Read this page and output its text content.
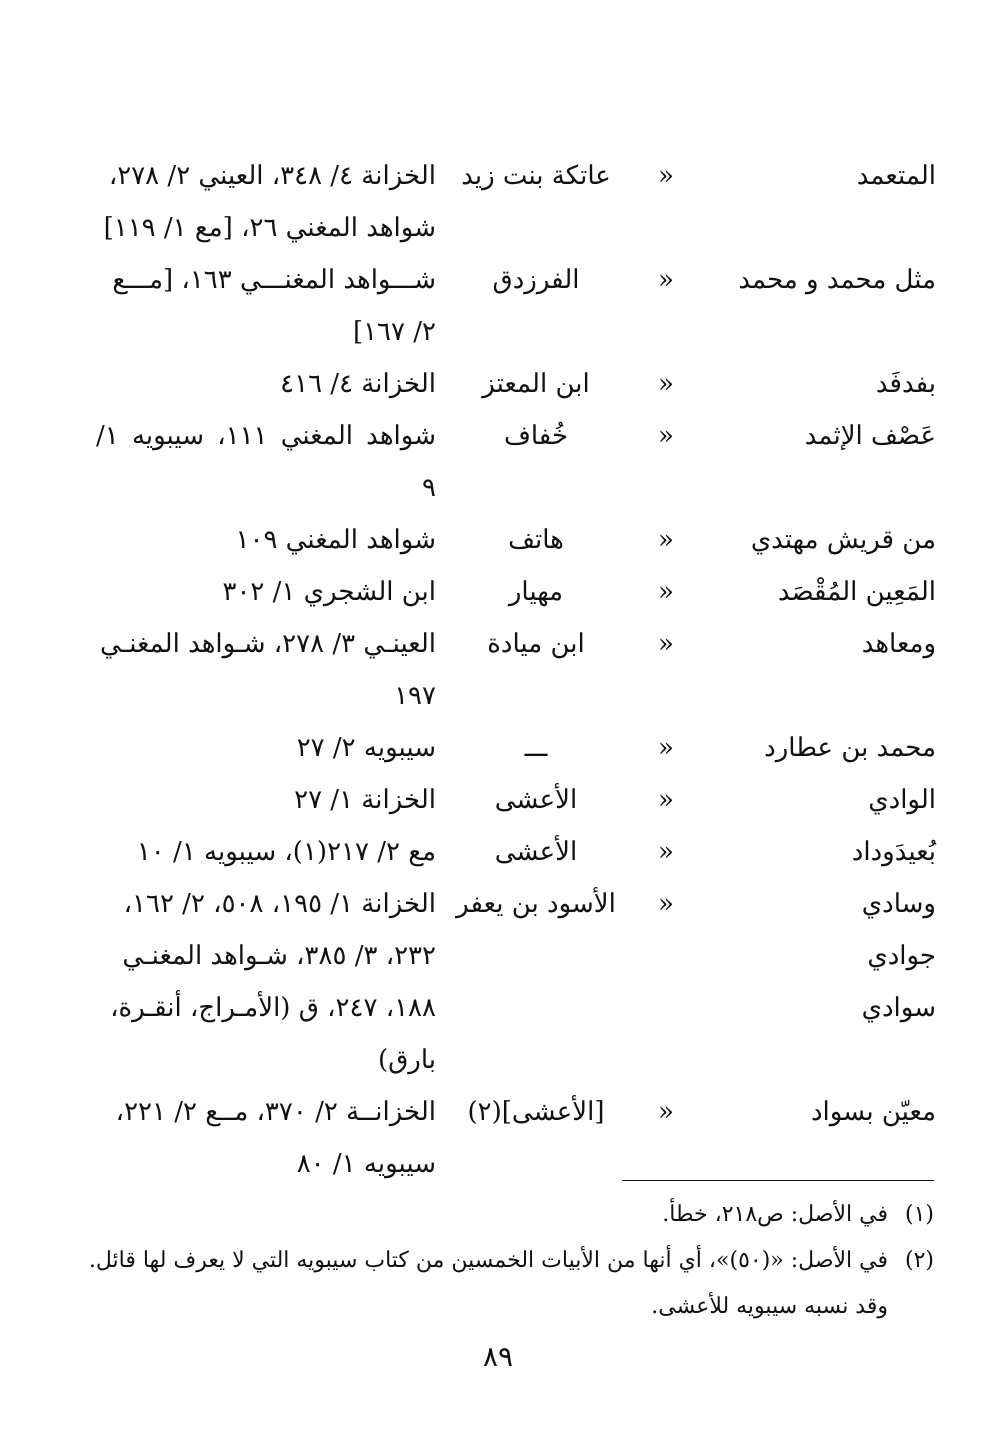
المتعمد
«
عاتكة بنت زيد
الخزانة ٤/ ٣٤٨، العيني ٢/ ٢٧٨،
شواهد المغني ٢٦، [مع ١/ ١١٩]
مثل محمد و محمد
«
الفرزدق
شـــواهد المغنـــي ١٦٣، [مـــع
٢/ ١٦٧]
بفدفَد
«
ابن المعتز
الخزانة ٤/ ٤١٦
عَصْف الإثمد
«
خُفاف
شواهد المغني ١١١، سيبويه ١/ ٩
من قريش مهتدي
«
هاتف
شواهد المغني ١٠٩
المَعِين المُقْصَد
«
مهيار
ابن الشجري ١/ ٣٠٢
ومعاهد
«
ابن ميادة
العينـي ٣/ ٢٧٨، شـواهد المغنـي
١٩٧
محمد بن عطارد
«
ـــ
سيبويه ٢/ ٢٧
الوادي
«
الأعشى
الخزانة ١/ ٢٧
بُعيدَوداد
«
الأعشى
مع ٢/ ٢١٧(١)، سيبويه ١/ ١٠
وسادي
جوادي
سوادي
«
الأسود بن يعفر
الخزانة ١/ ١٩٥، ٥٠٨، ٢/ ١٦٢،
٢٣٢، ٣/ ٣٨٥، شـواهد المغنـي
١٨٨، ٢٤٧، ق (الأمـراج، أنقـرة،
بارق)
معيّن بسواد
«
[الأعشى](٢)
الخزانــة ٢/ ٣٧٠، مــع ٢/ ٢٢١،
سيبويه ١/ ٨٠
(١)
في الأصل: ص٢١٨، خطأ.
(٢)
في الأصل: «(٥٠)»، أي أنها من الأبيات الخمسين من كتاب سيبويه التي لا يعرف لها قائل.
وقد نسبه سيبويه للأعشى.
٨٩
